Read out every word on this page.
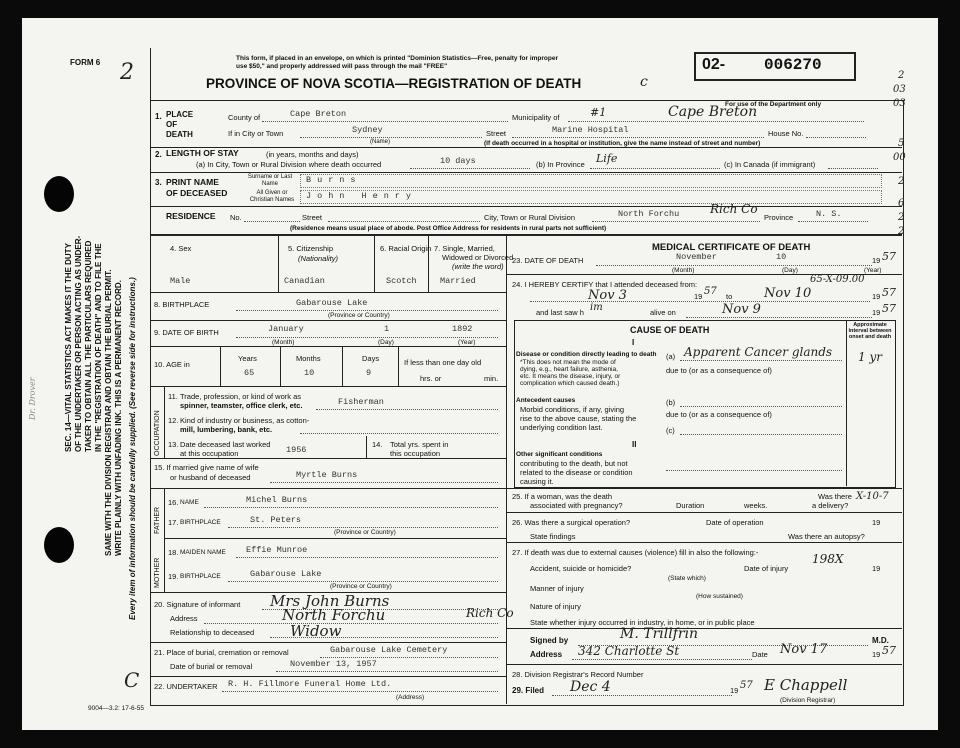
FORM 6 2
This form, if placed in an envelope, on which is printed "Dominion Statistics—Free, penalty for improper
use $50," and properly addressed will pass through the mail "FREE"
PROVINCE OF NOVA SCOTIA—REGISTRATION OF DEATH	c
02- 006270
For use of the Department only
2
03
03
5
00
2
6
2
2
SEC. 14—VITAL STATISTICS ACT MAKES IT THE DUTY OF THE UNDERTAKER OR PERSON ACTING AS UNDER- TAKER TO OBTAIN ALL THE PARTICULARS REQUIRED IN THE "REGISTRATION OF DEATH" AND TO FILE THE SAME WITH THE DIVISION REGISTRAR AND OBTAIN THE BURIAL PERMIT. WRITE PLAINLY WITH UNFADING INK. THIS IS A PERMANENT RECORD. Every item of information should be carefully supplied. (See reverse side for instructions.)
Dr. Drover
C
1. PLACE
OF
DEATH
County of	Cape Breton	Municipality of	#1	Cape Breton
If in City or Town	Sydney
(Name)
Street	Marine Hospital	House No.
(If death occurred in a hospital or institution, give the name instead of street and number)
2. LENGTH OF STAY	(in years, months and days)
(a) In City, Town or Rural Division where death occurred	10 days	(b) In Province Life	(c) In Canada (if immigrant)
3. PRINT NAME
OF DECEASED
Surname or Last Name
All Given or Christian Names
Burns
John Henry
RESIDENCE No.	Street	City, Town or Rural Division	North Forchu	Rich Co
Province	N. S.
(Residence means usual place of abode. Post Office Address for residents in rural parts not sufficient)
4. Sex
Male
5. Citizenship
(Nationality)
Canadian
6. Racial Origin
Scotch
7. Single, Married,
Widowed or Divorced
(write the word)
Married
8. BIRTHPLACE	Gabarouse Lake
(Province or Country)
9. DATE OF BIRTH	January	1	1892
(Month)	(Day)	(Year)
10. AGE in
Years	Months	Days
65	10	9
If less than one day old
hrs. or	min.
OCCUPATION
11. Trade, profession, or kind of work as
spinner, teamster, office clerk, etc.	Fisherman
12. Kind of industry or business, as cotton-
mill, lumbering, bank, etc.
13. Date deceased last worked
at this occupation	1956
14. Total yrs. spent in
this occupation
15. If married give name of wife
or husband of deceased	Myrtle Burns
FATHER
16. NAME	Michel Burns
17. BIRTHPLACE	St. Peters
(Province or Country)
MOTHER
18. MAIDEN NAME Effie Munroe
19. BIRTHPLACE	Gabarouse Lake
(Province or Country)
20. Signature of informant Mrs John Burns
Address	North Forchu	Rich Co
Relationship to deceased Widow
21. Place of burial, cremation or removal	Gabarouse Lake Cemetery
Date of burial or removal	November 13, 1957
22. UNDERTAKER R. H. Fillmore Funeral Home Ltd.
(Address)
9004—3.2: 17-6-55
MEDICAL CERTIFICATE OF DEATH
23. DATE OF DEATH	November	10	19 57
(Month)	(Day)	(Year)
24. I HEREBY CERTIFY that I attended deceased from:	65-X-09.00
Nov 3	19 57 to Nov 10	19 57
and last saw h im	alive on	Nov 9	19 57
CAUSE OF DEATH	Approximate interval between onset and death
I
Disease or condition directly leading to death
*This does not mean the mode of
dying, e.g., heart failure, asthenia,
etc. It means the disease, injury, or
complication which caused death.)
(a) Apparent Cancer glands 1 yr
due to (or as a consequence of)
Antecedent causes
Morbid conditions, if any, giving
rise to the above cause, stating the
underlying condition last.
(b)
due to (or as a consequence of)
(c)
II
Other significant conditions
contributing to the death, but not
related to the disease or condition
causing it.
25. If a woman, was the death
associated with pregnancy?	Duration	weeks.
Was there
a delivery?
X-10-7
26. Was there a surgical operation?	Date of operation	19
State findings	Was there an autopsy?
27. If death was due to external causes (violence) fill in also the following:-
Accident, suicide or homicide?
(State which)
Date of injury	19
198X
Manner of injury
(How sustained)
Nature of injury
State whether injury occurred in industry, in home, or in public place
Signed by	M. Trillfrin	M.D.
Address 342 Charlotte St	Date Nov 17	19 57
28. Division Registrar's Record Number
29. Filed Dec 4	19 57 E Chappell
(Division Registrar)
